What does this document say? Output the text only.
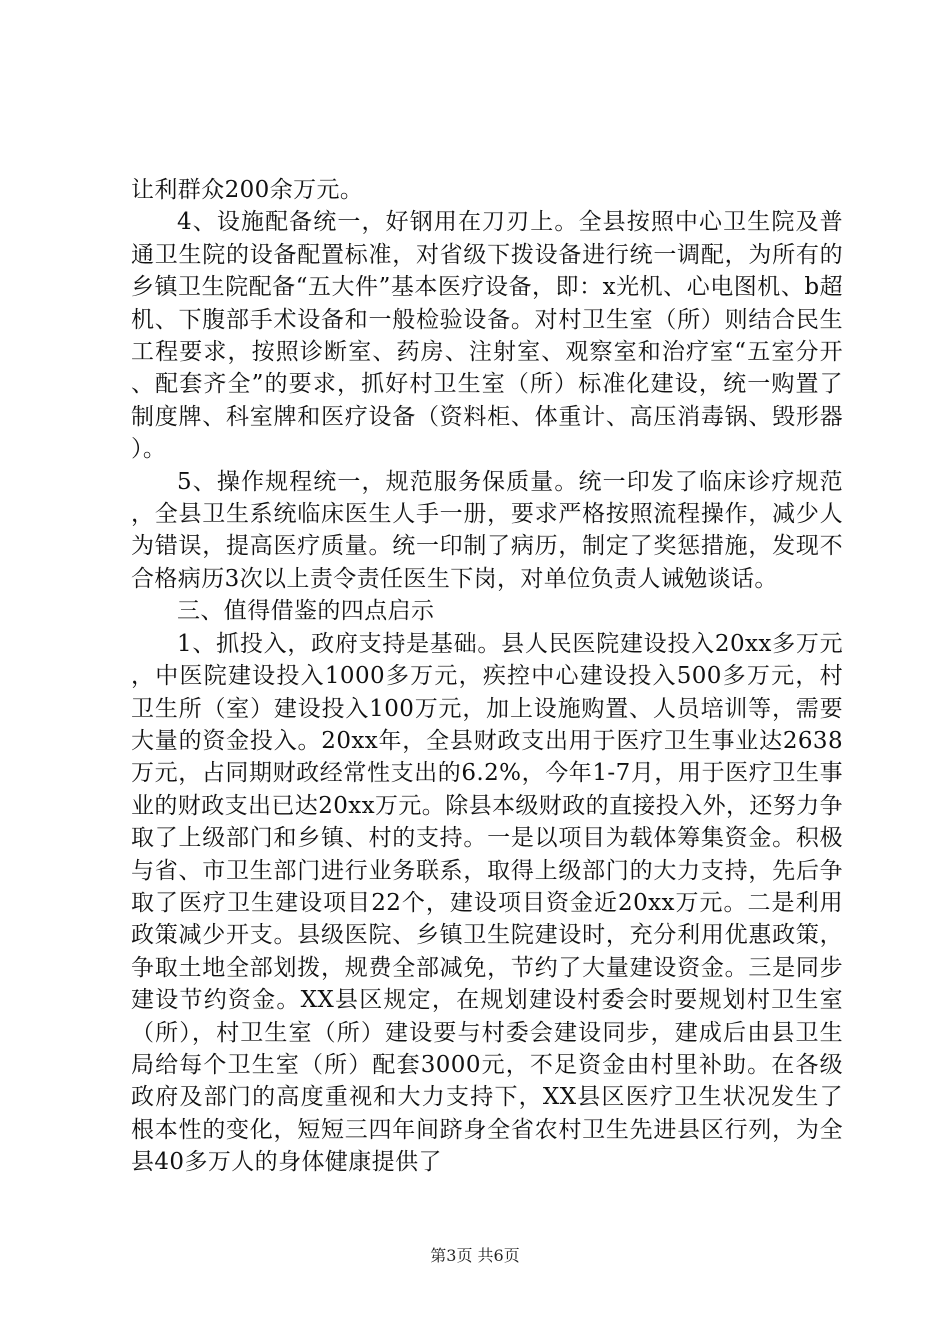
让利群众200余万元。

4、设施配备统一，好钢用在刀刃上。全县按照中心卫生院及普通卫生院的设备配置标准，对省级下拨设备进行统一调配，为所有的乡镇卫生院配备“五大件”基本医疗设备，即：x光机、心电图机、b超机、下腹部手术设备和一般检验设备。对村卫生室（所）则结合民生工程要求，按照诊断室、药房、注射室、观察室和治疗室“五室分开、配套齐全”的要求，抓好村卫生室（所）标准化建设，统一购置了制度牌、科室牌和医疗设备（资料柜、体重计、高压消毒锅、毁形器）。

5、操作规程统一，规范服务保质量。统一印发了临床诊疗规范，全县卫生系统临床医生人手一册，要求严格按照流程操作，减少人为错误，提高医疗质量。统一印制了病历，制定了奖惩措施，发现不合格病历3次以上责令责任医生下岗，对单位负责人诫勉谈话。

三、值得借鉴的四点启示

1、抓投入，政府支持是基础。县人民医院建设投入20xx多万元，中医院建设投入1000多万元，疾控中心建设投入500多万元，村卫生所（室）建设投入100万元，加上设施购置、人员培训等，需要大量的资金投入。20xx年，全县财政支出用于医疗卫生事业达2638万元，占同期财政经常性支出的6.2%，今年1-7月，用于医疗卫生事业的财政支出已达20xx万元。除县本级财政的直接投入外，还努力争取了上级部门和乡镇、村的支持。一是以项目为载体筹集资金。积极与省、市卫生部门进行业务联系，取得上级部门的大力支持，先后争取了医疗卫生建设项目22个，建设项目资金近20xx万元。二是利用政策减少开支。县级医院、乡镇卫生院建设时，充分利用优惠政策，争取土地全部划拨，规费全部减免，节约了大量建设资金。三是同步建设节约资金。XX县区规定，在规划建设村委会时要规划村卫生室（所），村卫生室（所）建设要与村委会建设同步，建成后由县卫生局给每个卫生室（所）配套3000元，不足资金由村里补助。在各级政府及部门的高度重视和大力支持下，XX县区医疗卫生状况发生了根本性的变化，短短三四年间跻身全省农村卫生先进县区行列，为全县40多万人的身体健康提供了

第3页 共6页
